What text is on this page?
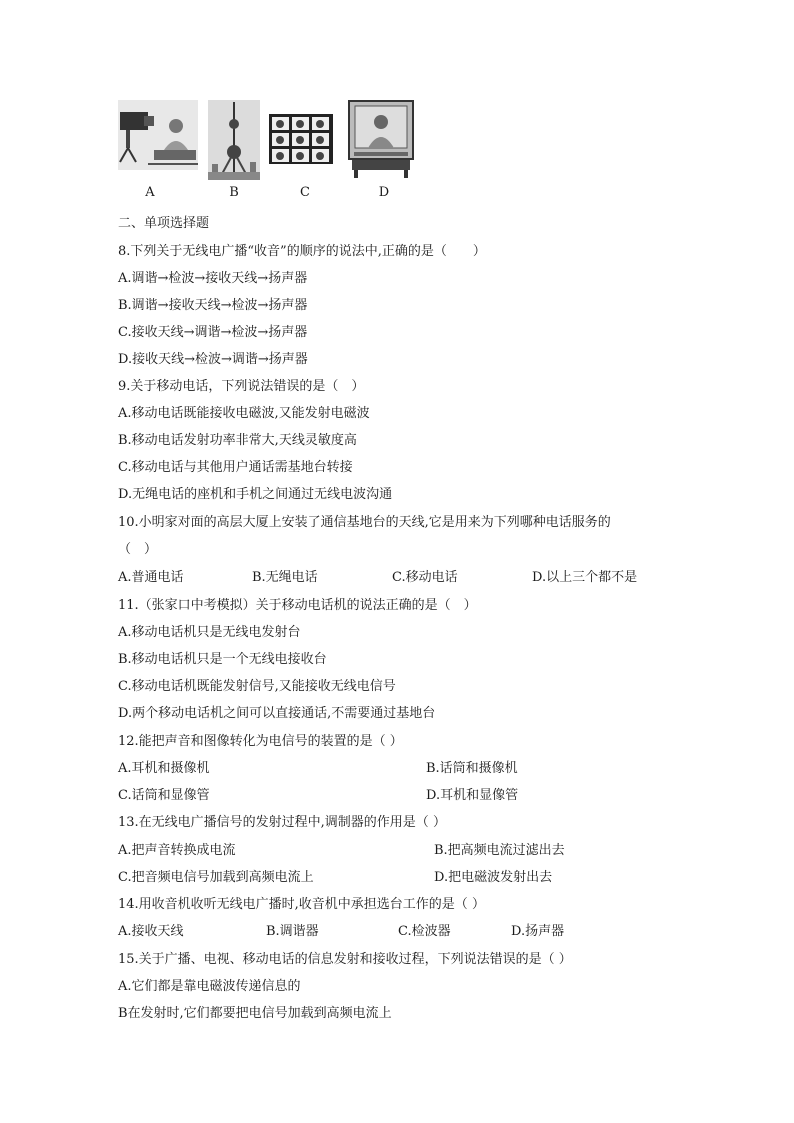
A	B	C	D
二、单项选择题
8.下列关于无线电广播“收音”的顺序的说法中,正确的是（　　）
A.调谐→检波→接收天线→扬声器
B.调谐→接收天线→检波→扬声器
C.接收天线→调谐→检波→扬声器
D.接收天线→检波→调谐→扬声器
9.关于移动电话，下列说法错误的是（　）
A.移动电话既能接收电磁波,又能发射电磁波
B.移动电话发射功率非常大,天线灵敏度高
C.移动电话与其他用户通话需基地台转接
D.无绳电话的座机和手机之间通过无线电波沟通
10.小明家对面的高层大厦上安装了通信基地台的天线,它是用来为下列哪种电话服务的
（　）
A.普通电话	B.无绳电话	C.移动电话	D.以上三个都不是
11.（张家口中考模拟）关于移动电话机的说法正确的是（　）
A.移动电话机只是无线电发射台
B.移动电话机只是一个无线电接收台
C.移动电话机既能发射信号,又能接收无线电信号
D.两个移动电话机之间可以直接通话,不需要通过基地台
12.能把声音和图像转化为电信号的装置的是（ ）
A.耳机和摄像机	B.话筒和摄像机
C.话筒和显像管	D.耳机和显像管
13.在无线电广播信号的发射过程中,调制器的作用是（ ）
A.把声音转换成电流	B.把高频电流过滤出去
C.把音频电信号加载到高频电流上	D.把电磁波发射出去
14.用收音机收听无线电广播时,收音机中承担选台工作的是（ ）
A.接收天线	B.调谐器	C.检波器	D.扬声器
15.关于广播、电视、移动电话的信息发射和接收过程，下列说法错误的是（ ）
A.它们都是靠电磁波传递信息的
B在发射时,它们都要把电信号加载到高频电流上
